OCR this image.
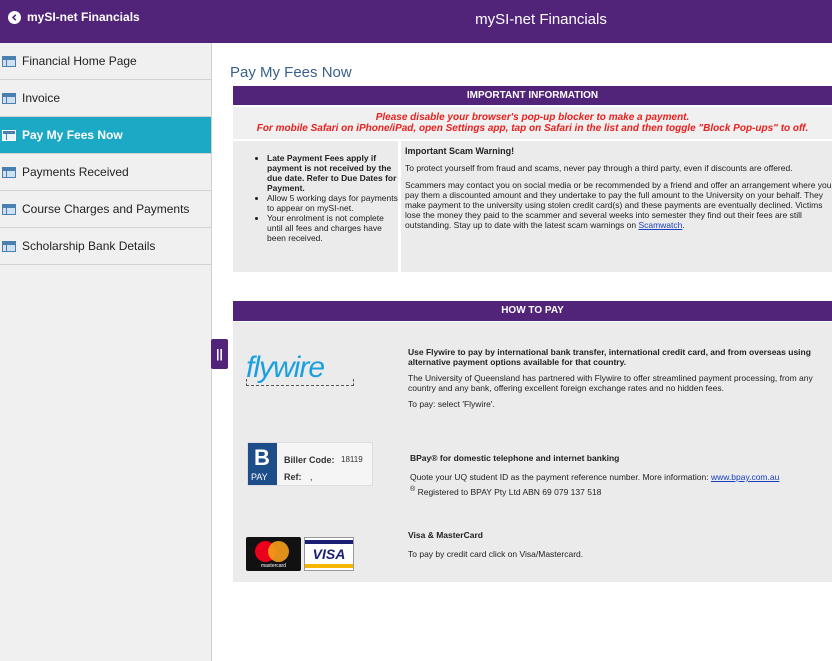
mySI-net Financials	mySI-net Financials
Financial Home Page
Invoice
Pay My Fees Now
Payments Received
Course Charges and Payments
Scholarship Bank Details
||
Pay My Fees Now
IMPORTANT INFORMATION
Please disable your browser's pop-up blocker to make a payment.
For mobile Safari on iPhone/iPad, open Settings app, tap on Safari in the list and then toggle "Block Pop-ups" to off.
• Late Payment Fees apply if payment is not received by the due date. Refer to Due Dates for Payment.
• Allow 5 working days for payments to appear on mySI-net.
• Your enrolment is not complete until all fees and charges have been received.

Important Scam Warning!

To protect yourself from fraud and scams, never pay through a third party, even if discounts are offered.

Scammers may contact you on social media or be recommended by a friend and offer an arrangement where you pay them a discounted amount and they undertake to pay the full amount to the University on your behalf. They make payment to the university using stolen credit card(s) and these payments are eventually declined. Victims lose the money they paid to the scammer and several weeks into semester they find out their fees are still outstanding. Stay up to date with the latest scam warnings on Scamwatch.

HOW TO PAY
flywire	Use Flywire to pay by international bank transfer, international credit card, and from overseas using alternative payment options available for that country.

The University of Queensland has partnered with Flywire to offer streamlined payment processing, from any country and any bank, offering excellent foreign exchange rates and no hidden fees.

To pay: select 'Flywire'.

B
PAY
Biller Code: 18119
Ref: ,

BPay® for domestic telephone and internet banking

Quote your UQ student ID as the payment reference number. More information: www.bpay.com.au

® Registered to BPAY Pty Ltd ABN 69 079 137 518

mastercard
VISA

Visa & MasterCard

To pay by credit card click on Visa/Mastercard.
